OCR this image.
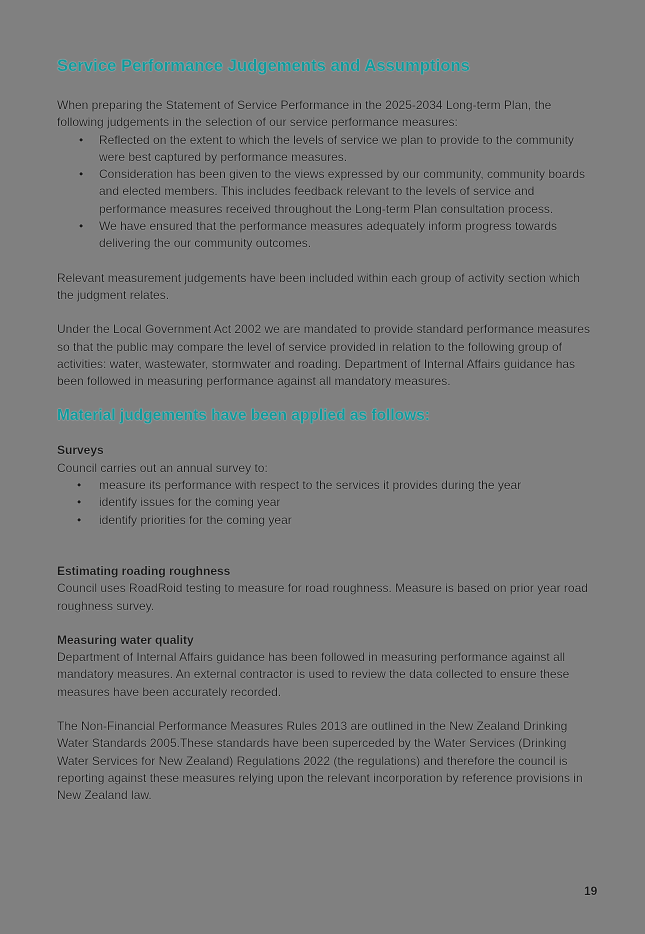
Service Performance Judgements and Assumptions

When preparing the Statement of Service Performance in the 2025-2034 Long-term Plan, the following judgements in the selection of our service performance measures:

• Reflected on the extent to which the levels of service we plan to provide to the community were best captured by performance measures.
• Consideration has been given to the views expressed by our community, community boards and elected members. This includes feedback relevant to the levels of service and performance measures received throughout the Long-term Plan consultation process.
• We have ensured that the performance measures adequately inform progress towards delivering the our community outcomes.

Relevant measurement judgements have been included within each group of activity section which the judgment relates.

Under the Local Government Act 2002 we are mandated to provide standard performance measures so that the public may compare the level of service provided in relation to the following group of activities: water, wastewater, stormwater and roading. Department of Internal Affairs guidance has been followed in measuring performance against all mandatory measures.

Material judgements have been applied as follows:
Surveys

Council carries out an annual survey to:

• measure its performance with respect to the services it provides during the year
• identify issues for the coming year
• identify priorities for the coming year
Estimating roading roughness

Council uses RoadRoid testing to measure for road roughness. Measure is based on prior year road roughness survey.

Measuring water quality

Department of Internal Affairs guidance has been followed in measuring performance against all mandatory measures. An external contractor is used to review the data collected to ensure these measures have been accurately recorded.

The Non-Financial Performance Measures Rules 2013 are outlined in the New Zealand Drinking Water Standards 2005.These standards have been superceded by the Water Services (Drinking Water Services for New Zealand) Regulations 2022 (the regulations) and therefore the council is reporting against these measures relying upon the relevant incorporation by reference provisions in New Zealand law.

19
